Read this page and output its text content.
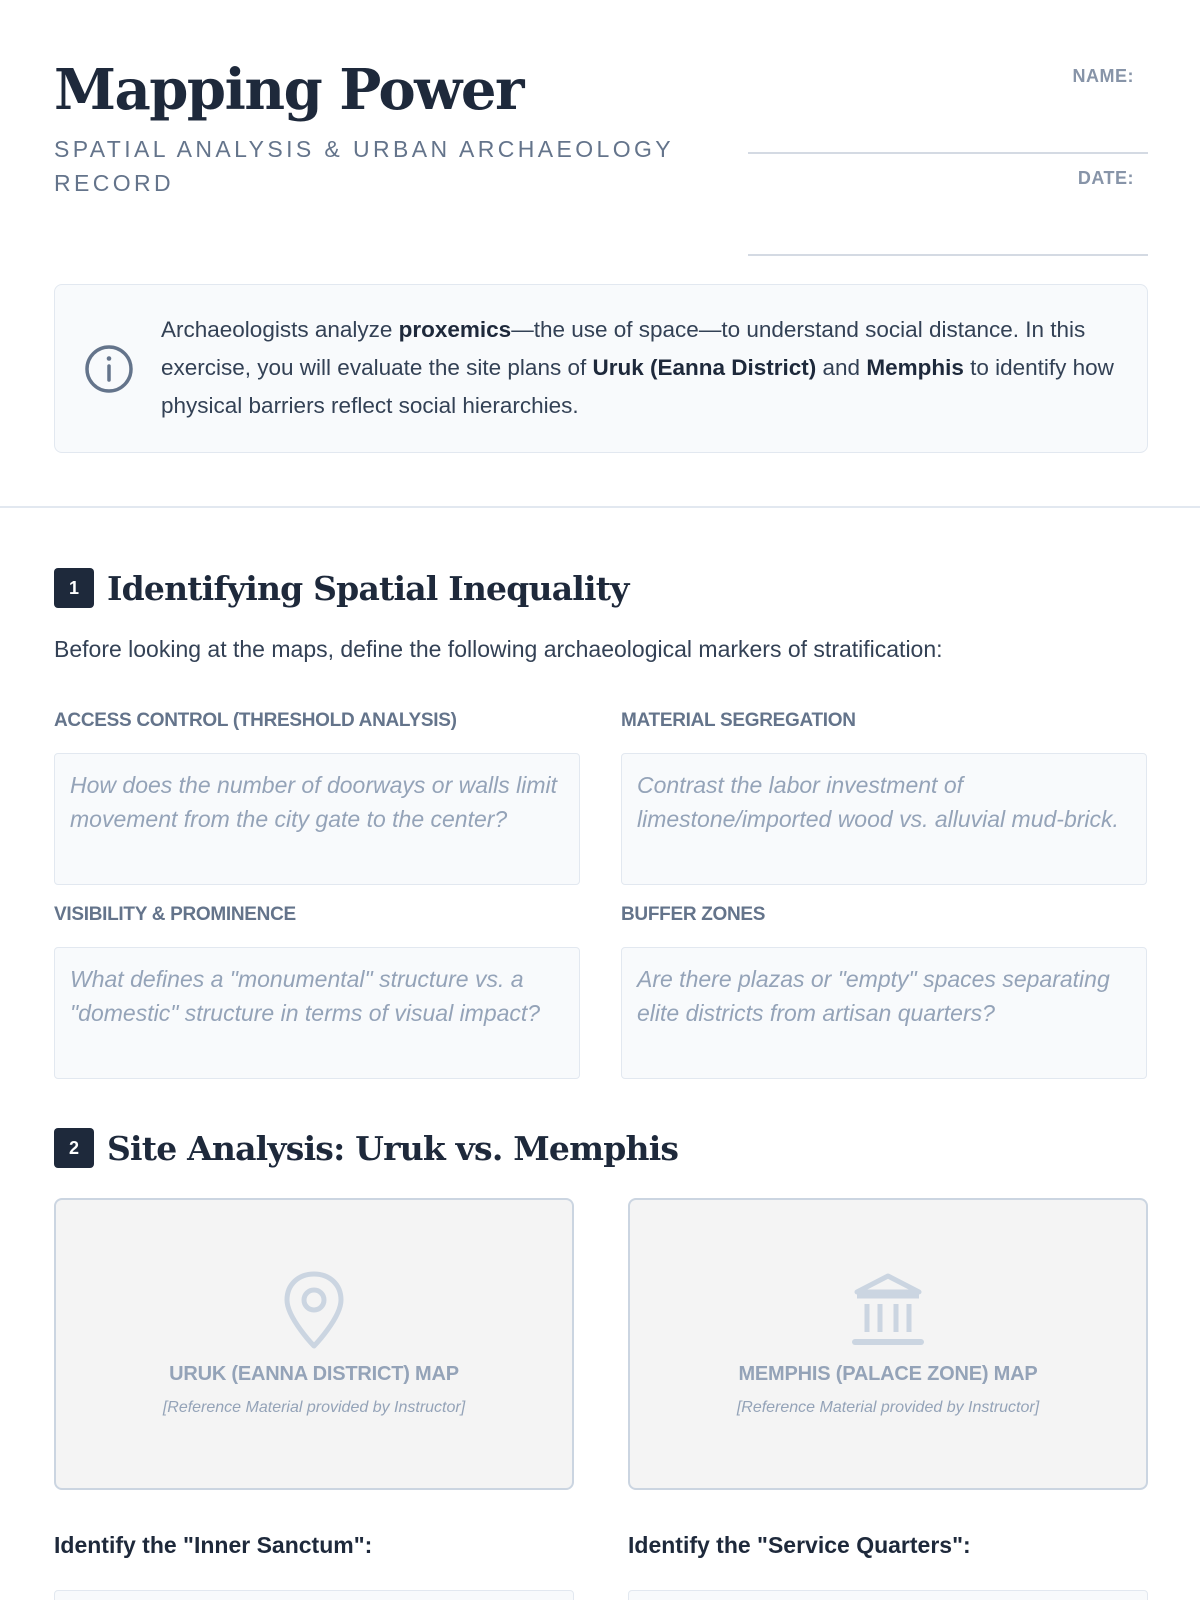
Mapping Power
SPATIAL ANALYSIS & URBAN ARCHAEOLOGY RECORD
NAME:
DATE:
Archaeologists analyze proxemics—the use of space—to understand social distance. In this exercise, you will evaluate the site plans of Uruk (Eanna District) and Memphis to identify how physical barriers reflect social hierarchies.
1 Identifying Spatial Inequality
Before looking at the maps, define the following archaeological markers of stratification:
ACCESS CONTROL (THRESHOLD ANALYSIS)
How does the number of doorways or walls limit movement from the city gate to the center?
MATERIAL SEGREGATION
Contrast the labor investment of limestone/imported wood vs. alluvial mud-brick.
VISIBILITY & PROMINENCE
What defines a "monumental" structure vs. a "domestic" structure in terms of visual impact?
BUFFER ZONES
Are there plazas or "empty" spaces separating elite districts from artisan quarters?
2 Site Analysis: Uruk vs. Memphis
URUK (EANNA DISTRICT) MAP
[Reference Material provided by Instructor]
MEMPHIS (PALACE ZONE) MAP
[Reference Material provided by Instructor]
Identify the "Inner Sanctum":	Identify the "Service Quarters":
